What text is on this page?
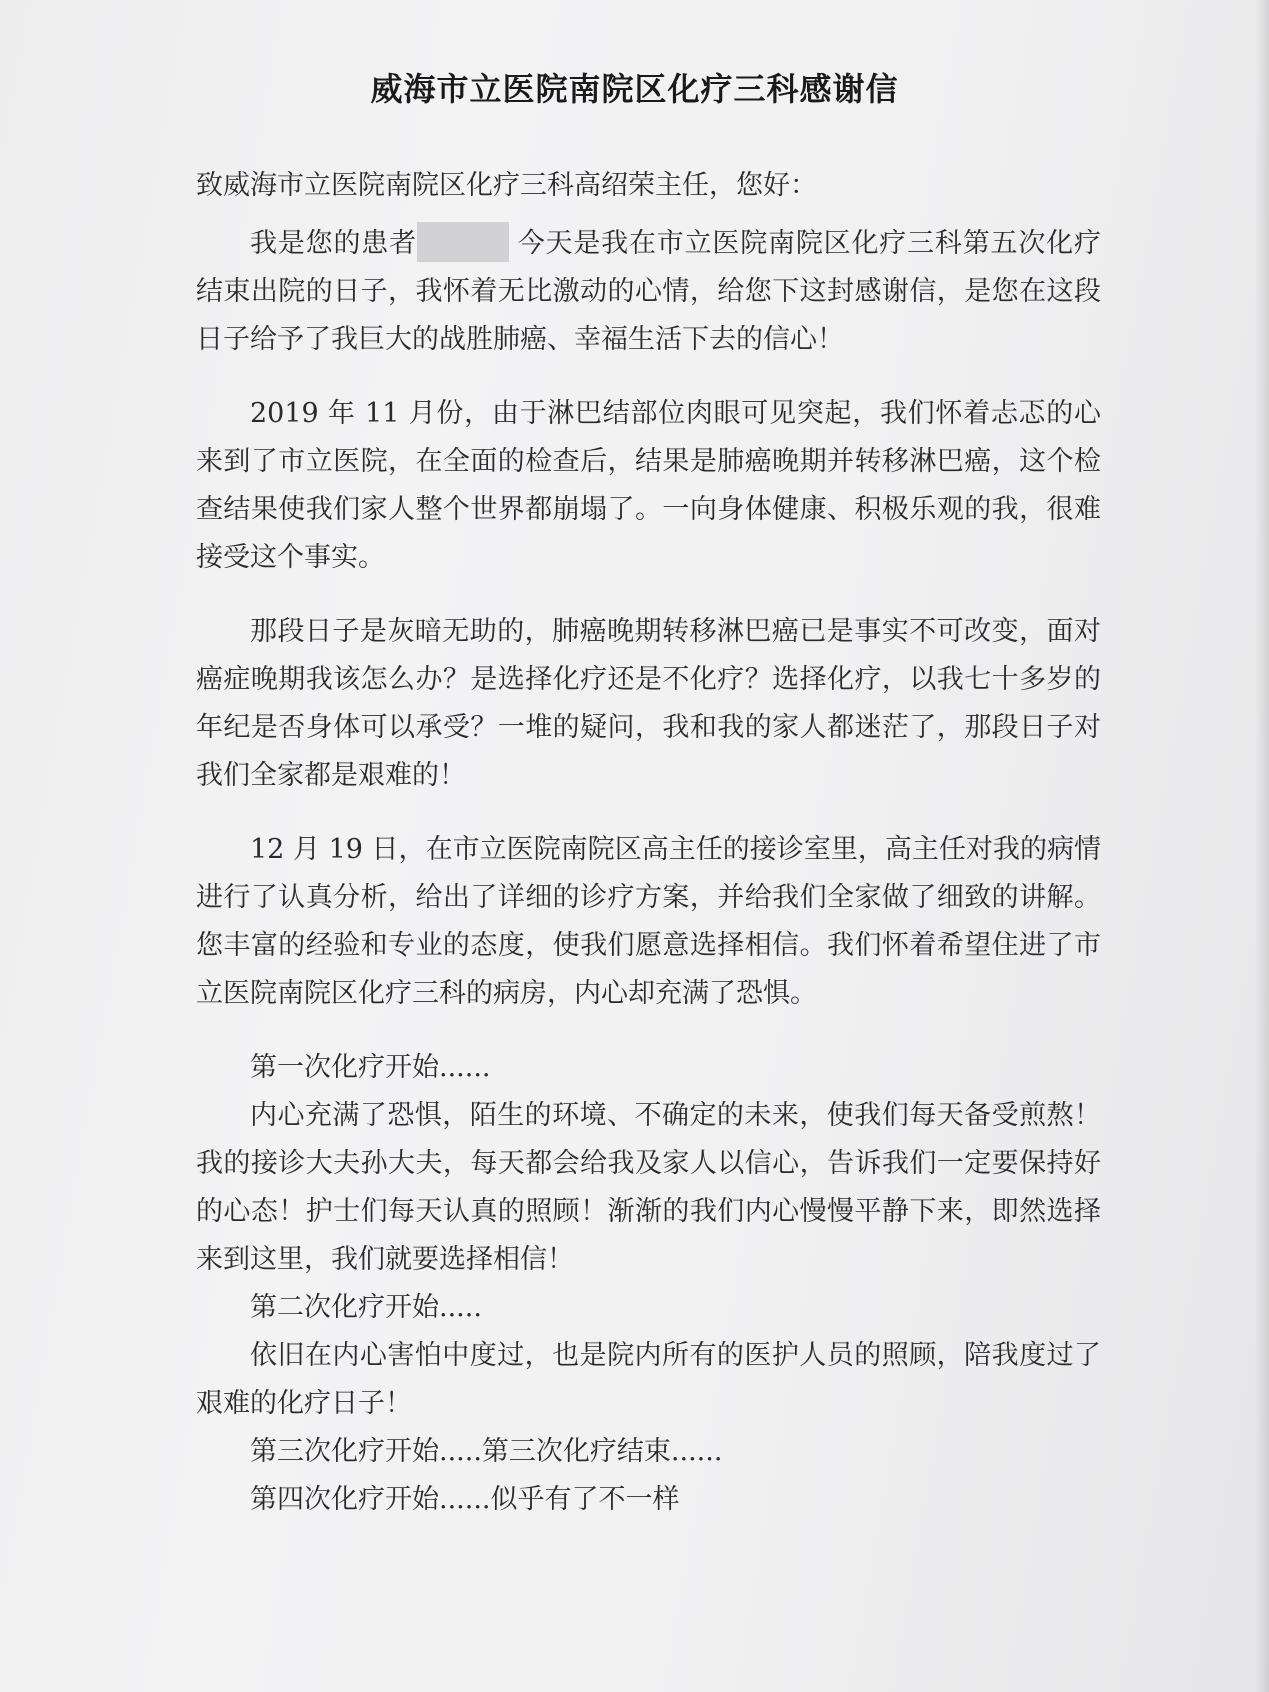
威海市立医院南院区化疗三科感谢信

致威海市立医院南院区化疗三科高绍荣主任，您好：

我是您的患者	今天是我在市立医院南院区化疗三科第五次化疗结束出院的日子，我怀着无比激动的心情，给您下这封感谢信，是您在这段日子给予了我巨大的战胜肺癌、幸福生活下去的信心！

2019 年 11 月份，由于淋巴结部位肉眼可见突起，我们怀着忐忑的心来到了市立医院，在全面的检查后，结果是肺癌晚期并转移淋巴癌，这个检查结果使我们家人整个世界都崩塌了。一向身体健康、积极乐观的我，很难接受这个事实。

那段日子是灰暗无助的，肺癌晚期转移淋巴癌已是事实不可改变，面对癌症晚期我该怎么办？是选择化疗还是不化疗？选择化疗，以我七十多岁的年纪是否身体可以承受？一堆的疑问，我和我的家人都迷茫了，那段日子对我们全家都是艰难的！

12 月 19 日，在市立医院南院区高主任的接诊室里，高主任对我的病情进行了认真分析，给出了详细的诊疗方案，并给我们全家做了细致的讲解。您丰富的经验和专业的态度，使我们愿意选择相信。我们怀着希望住进了市立医院南院区化疗三科的病房，内心却充满了恐惧。

第一次化疗开始......

内心充满了恐惧，陌生的环境、不确定的未来，使我们每天备受煎熬！我的接诊大夫孙大夫，每天都会给我及家人以信心，告诉我们一定要保持好的心态！护士们每天认真的照顾！渐渐的我们内心慢慢平静下来，即然选择来到这里，我们就要选择相信！

第二次化疗开始.....

依旧在内心害怕中度过，也是院内所有的医护人员的照顾，陪我度过了艰难的化疗日子！

第三次化疗开始.....第三次化疗结束......

第四次化疗开始......似乎有了不一样
